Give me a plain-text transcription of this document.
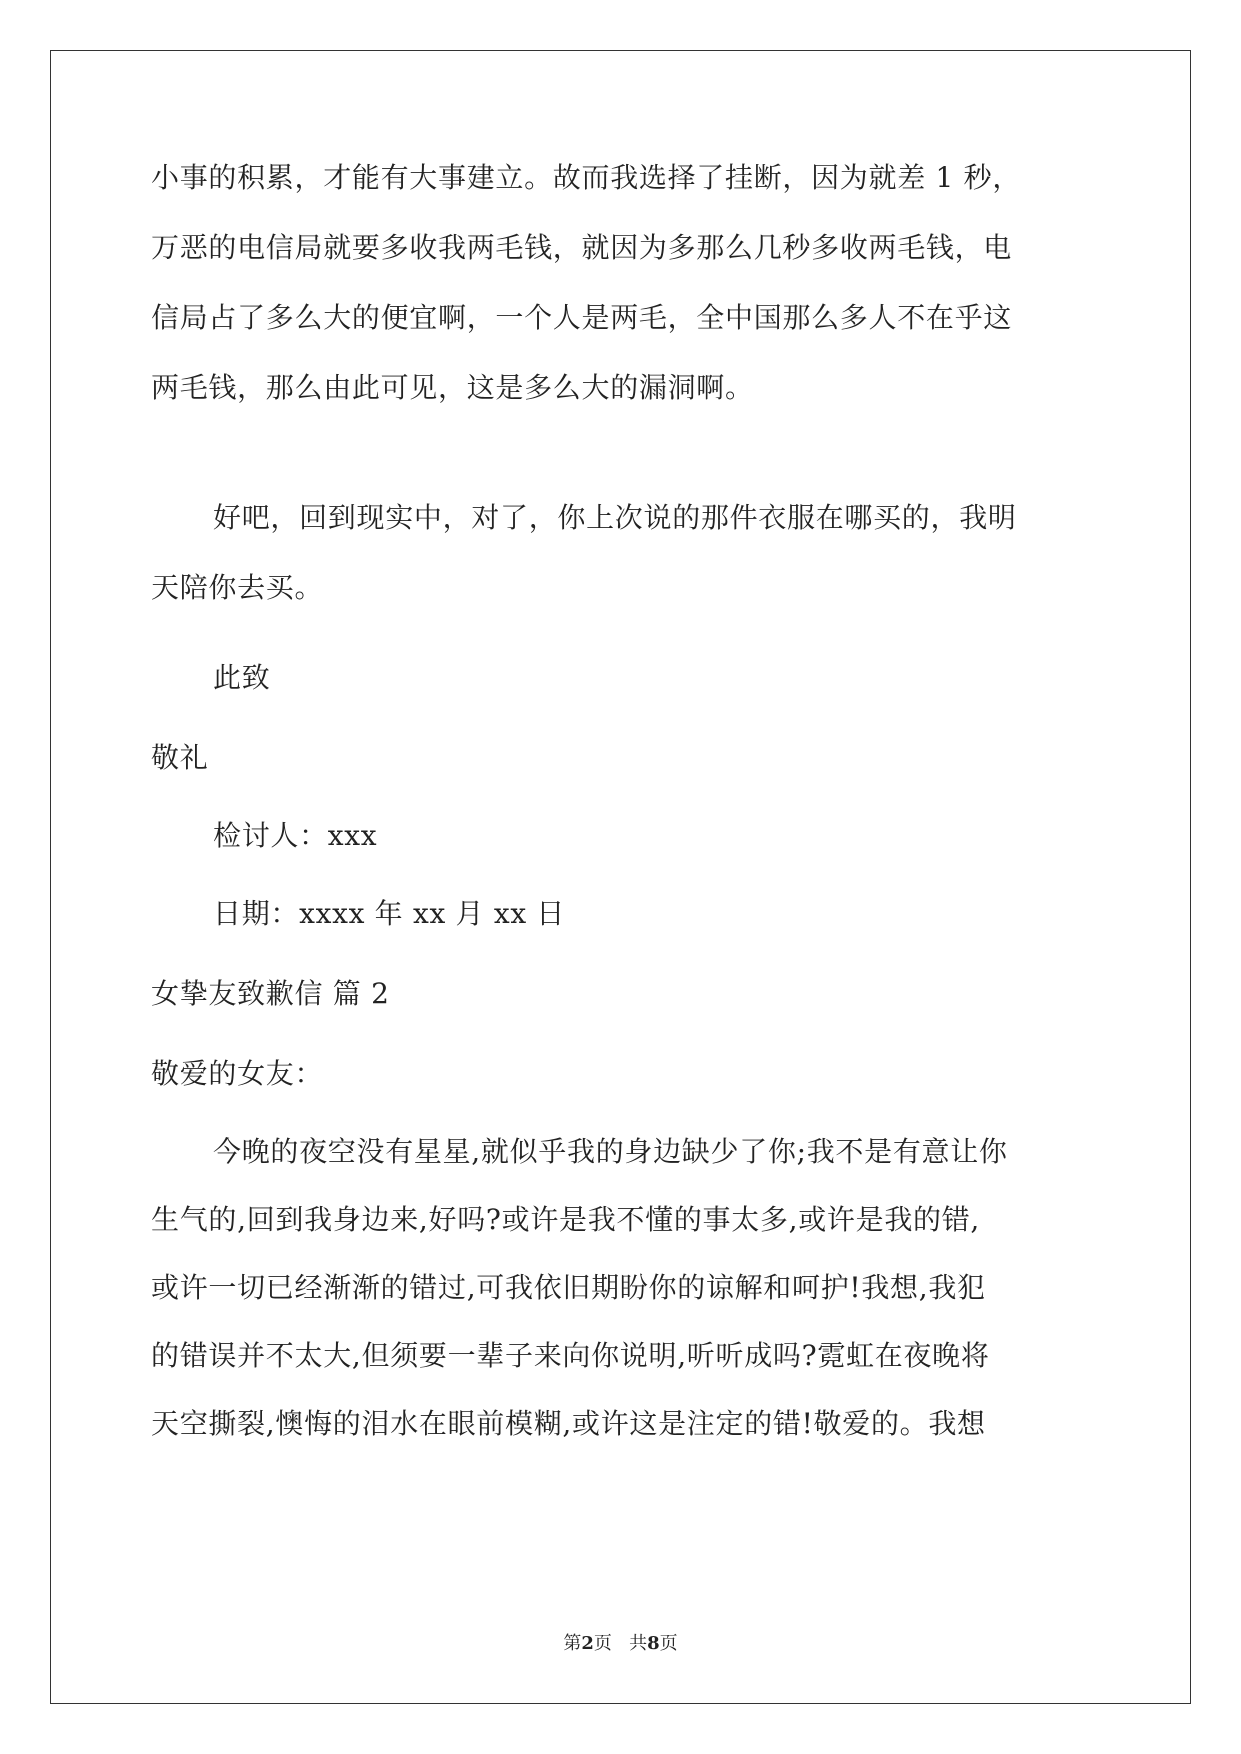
小事的积累，才能有大事建立。故而我选择了挂断，因为就差 1 秒，
万恶的电信局就要多收我两毛钱，就因为多那么几秒多收两毛钱，电
信局占了多么大的便宜啊，一个人是两毛，全中国那么多人不在乎这
两毛钱，那么由此可见，这是多么大的漏洞啊。
好吧，回到现实中，对了，你上次说的那件衣服在哪买的，我明
天陪你去买。
此致
敬礼
检讨人：xxx
日期：xxxx 年 xx 月 xx 日
女挚友致歉信 篇 2
敬爱的女友：
今晚的夜空没有星星,就似乎我的身边缺少了你;我不是有意让你
生气的,回到我身边来,好吗?或许是我不懂的事太多,或许是我的错,
或许一切已经渐渐的错过,可我依旧期盼你的谅解和呵护!我想,我犯
的错误并不太大,但须要一辈子来向你说明,听听成吗?霓虹在夜晚将
天空撕裂,懊悔的泪水在眼前模糊,或许这是注定的错!敬爱的。我想
第2页   共8页
